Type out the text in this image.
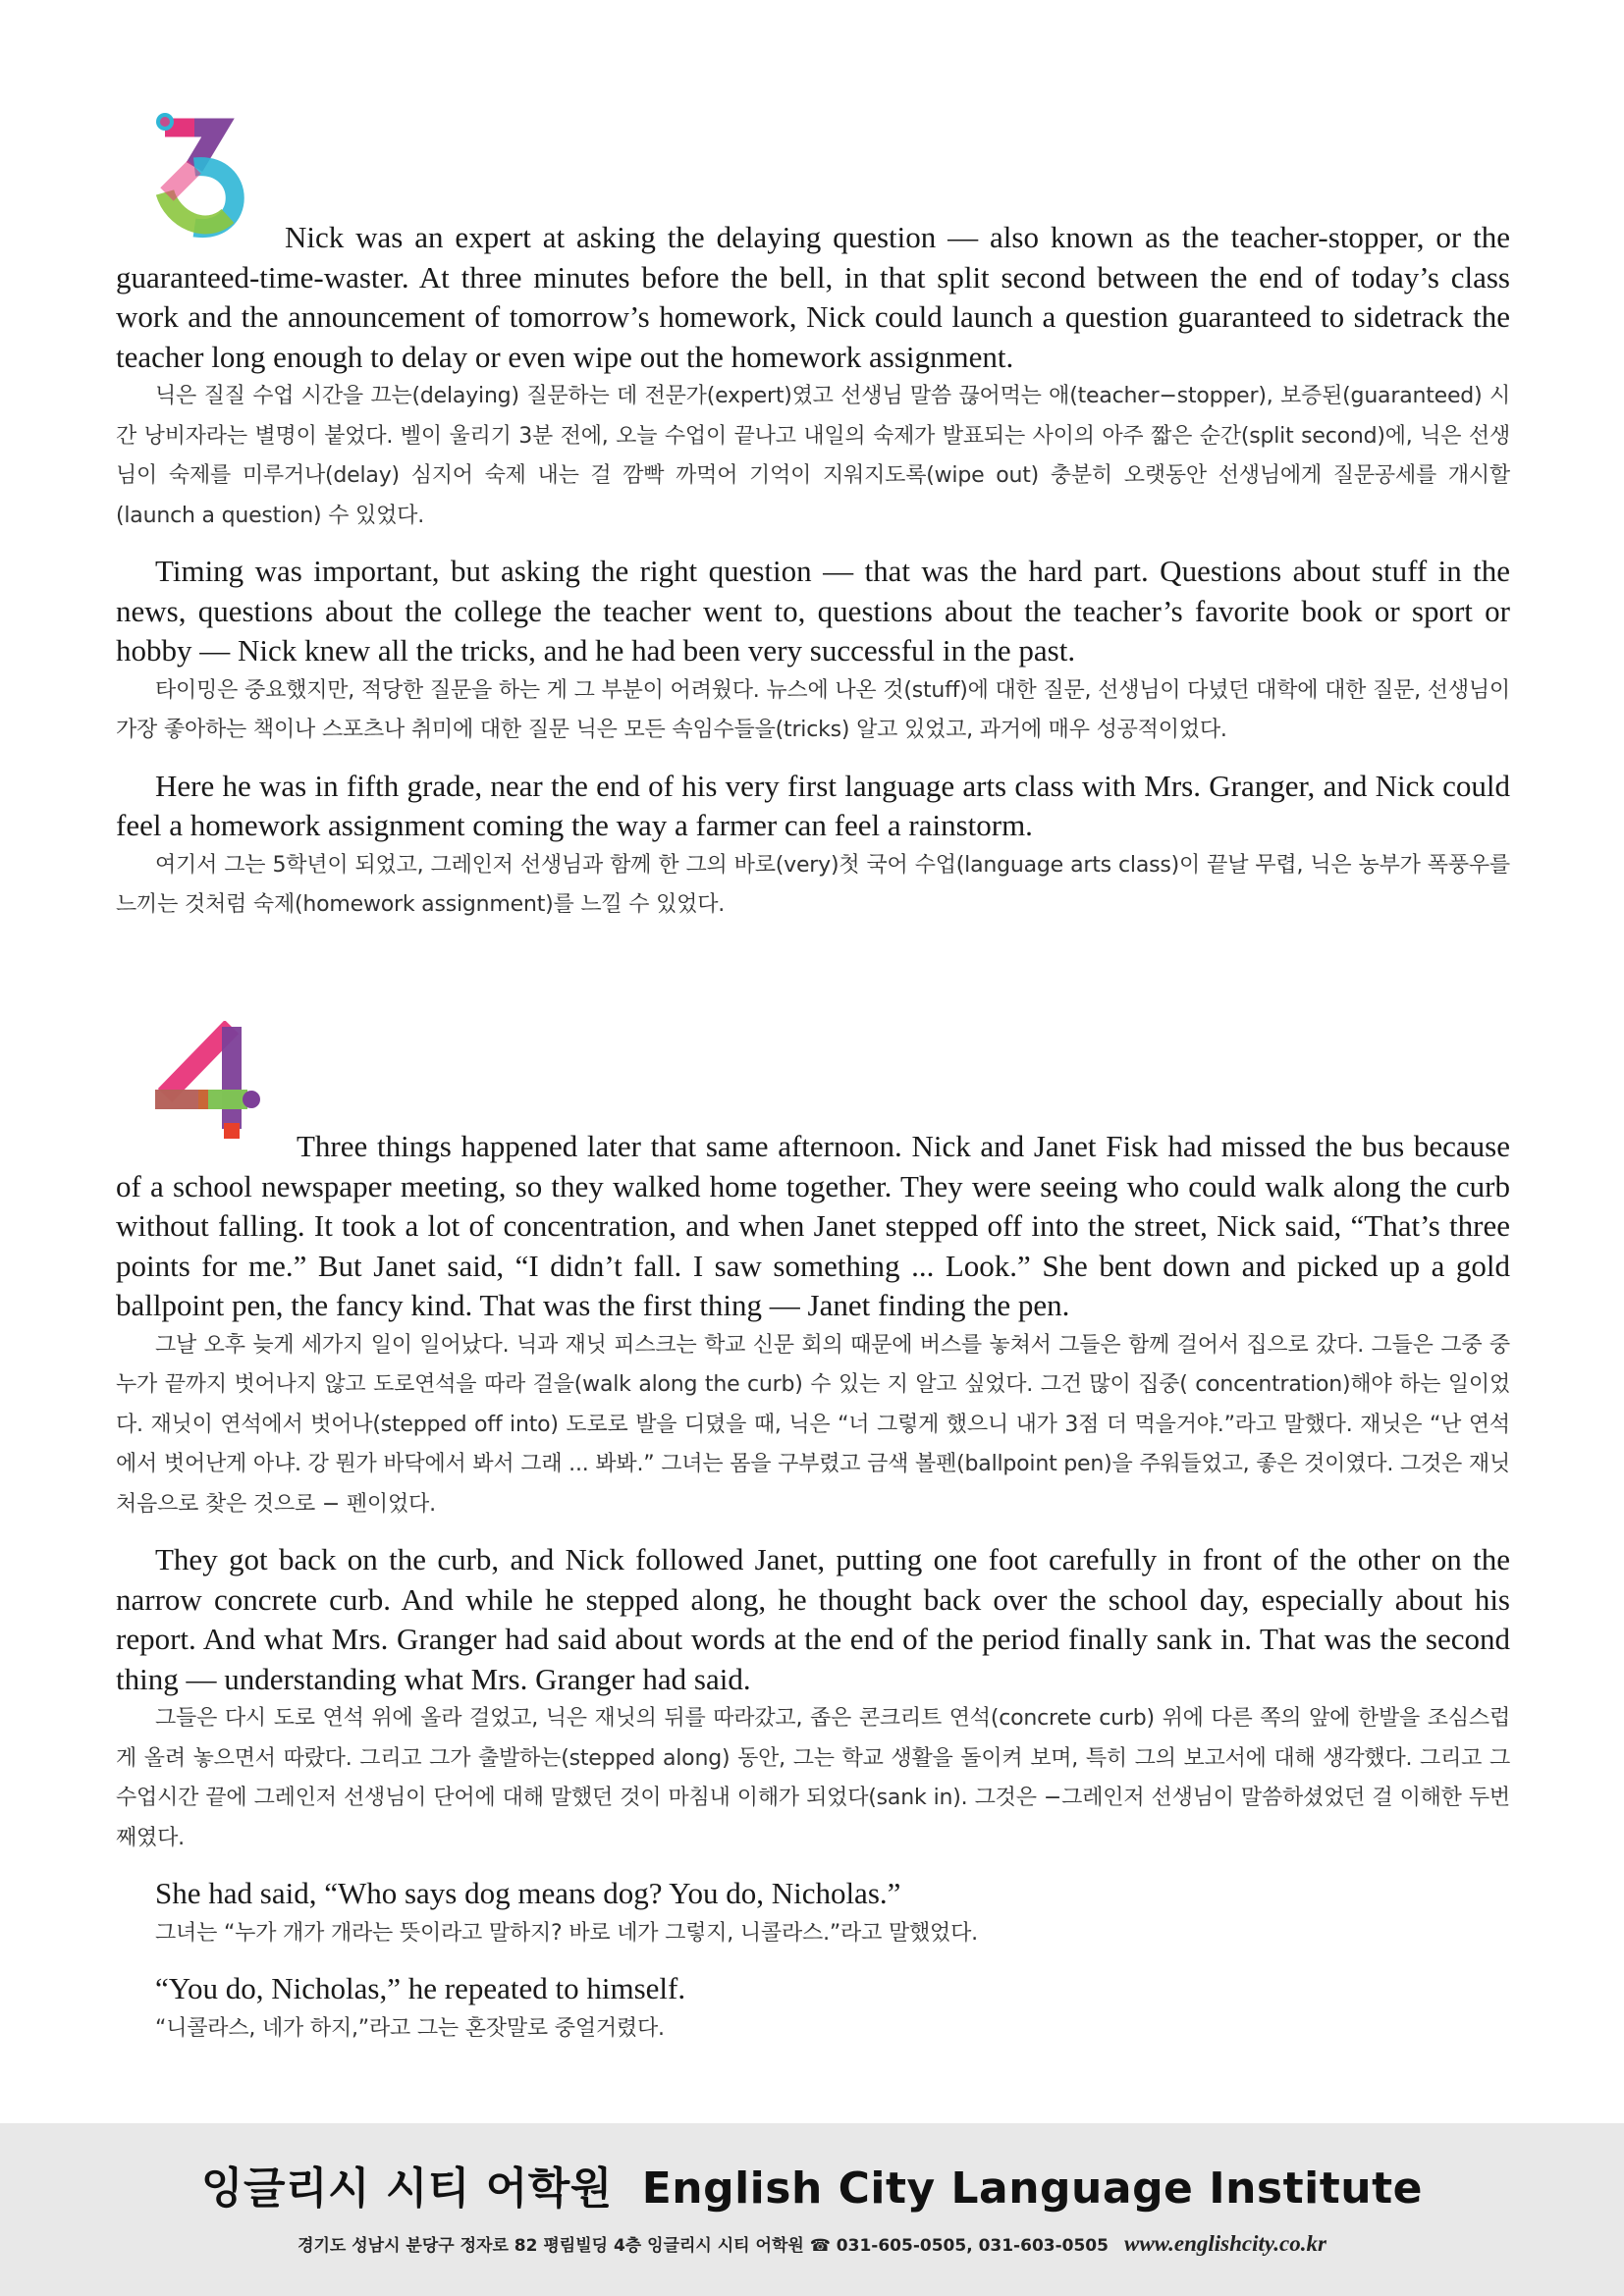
Nick was an expert at asking the delaying question — also known as the teacher-stopper, or the guaranteed-time-waster. At three minutes before the bell, in that split second between the end of today’s class work and the announcement of tomorrow’s homework, Nick could launch a question guaranteed to sidetrack the teacher long enough to delay or even wipe out the homework assignment.

닉은 질질 수업 시간을 끄는(delaying) 질문하는 데 전문가(expert)였고 선생님 말씀 끊어먹는 애(teacher−stopper), 보증된(guaranteed) 시간 낭비자라는 별명이 붙었다. 벨이 울리기 3분 전에, 오늘 수업이 끝나고 내일의 숙제가 발표되는 사이의 아주 짧은 순간(split second)에, 닉은 선생님이 숙제를 미루거나(delay) 심지어 숙제 내는 걸 깜빡 까먹어 기억이 지워지도록(wipe out) 충분히 오랫동안 선생님에게 질문공세를 개시할(launch a question) 수 있었다.

Timing was important, but asking the right question — that was the hard part. Questions about stuff in the news, questions about the college the teacher went to, questions about the teacher’s favorite book or sport or hobby — Nick knew all the tricks, and he had been very successful in the past.

타이밍은 중요했지만, 적당한 질문을 하는 게 그 부분이 어려웠다. 뉴스에 나온 것(stuff)에 대한 질문, 선생님이 다녔던 대학에 대한 질문, 선생님이 가장 좋아하는 책이나 스포츠나 취미에 대한 질문 닉은 모든 속임수들을(tricks) 알고 있었고, 과거에 매우 성공적이었다.

Here he was in fifth grade, near the end of his very first language arts class with Mrs. Granger, and Nick could feel a homework assignment coming the way a farmer can feel a rainstorm.

여기서 그는 5학년이 되었고, 그레인저 선생님과 함께 한 그의 바로(very)첫 국어 수업(language arts class)이 끝날 무렵, 닉은 농부가 폭풍우를 느끼는 것처럼 숙제(homework assignment)를 느낄 수 있었다.

Three things happened later that same afternoon. Nick and Janet Fisk had missed the bus because of a school newspaper meeting, so they walked home together. They were seeing who could walk along the curb without falling. It took a lot of concentration, and when Janet stepped off into the street, Nick said, “That’s three points for me.” But Janet said, “I didn’t fall. I saw something ... Look.” She bent down and picked up a gold ballpoint pen, the fancy kind. That was the first thing — Janet finding the pen.

그날 오후 늦게 세가지 일이 일어났다. 닉과 재닛 피스크는 학교 신문 회의 때문에 버스를 놓쳐서 그들은 함께 걸어서 집으로 갔다. 그들은 그중 중 누가 끝까지 벗어나지 않고 도로연석을 따라 걸을(walk along the curb) 수 있는 지 알고 싶었다. 그건 많이 집중( concentration)해야 하는 일이었다. 재닛이 연석에서 벗어나(stepped off into) 도로로 발을 디뎠을 때, 닉은 “너 그렇게 했으니 내가 3점 더 먹을거야.”라고 말했다. 재닛은 “난 연석에서 벗어난게 아냐. 강 뭔가 바닥에서 봐서 그래 ... 봐봐.” 그녀는 몸을 구부렸고 금색 볼펜(ballpoint pen)을 주워들었고, 좋은 것이였다. 그것은 재닛 처음으로 찾은 것으로 − 펜이었다.

They got back on the curb, and Nick followed Janet, putting one foot carefully in front of the other on the narrow concrete curb. And while he stepped along, he thought back over the school day, especially about his report. And what Mrs. Granger had said about words at the end of the period finally sank in. That was the second thing — understanding what Mrs. Granger had said.

그들은 다시 도로 연석 위에 올라 걸었고, 닉은 재닛의 뒤를 따라갔고, 좁은 콘크리트 연석(concrete curb) 위에 다른 쪽의 앞에 한발을 조심스럽게 올려 놓으면서 따랐다. 그리고 그가 출발하는(stepped along) 동안, 그는 학교 생활을 돌이켜 보며, 특히 그의 보고서에 대해 생각했다. 그리고 그 수업시간 끝에 그레인저 선생님이 단어에 대해 말했던 것이 마침내 이해가 되었다(sank in). 그것은 −그레인저 선생님이 말씀하셨었던 걸 이해한 두번째였다.

She had said, “Who says dog means dog? You do, Nicholas.”

그녀는 “누가 개가 개라는 뜻이라고 말하지? 바로 네가 그렇지, 니콜라스.”라고 말했었다.

“You do, Nicholas,” he repeated to himself.

“니콜라스, 네가 하지,”라고 그는 혼잣말로 중얼거렸다.

잉글리시 시티 어학원 English City Language Institute
경기도 성남시 분당구 정자로 82 평림빌딩 4층 잉글리시 시티 어학원 ☎ 031-605-0505, 031-603-0505 www.englishcity.co.kr
